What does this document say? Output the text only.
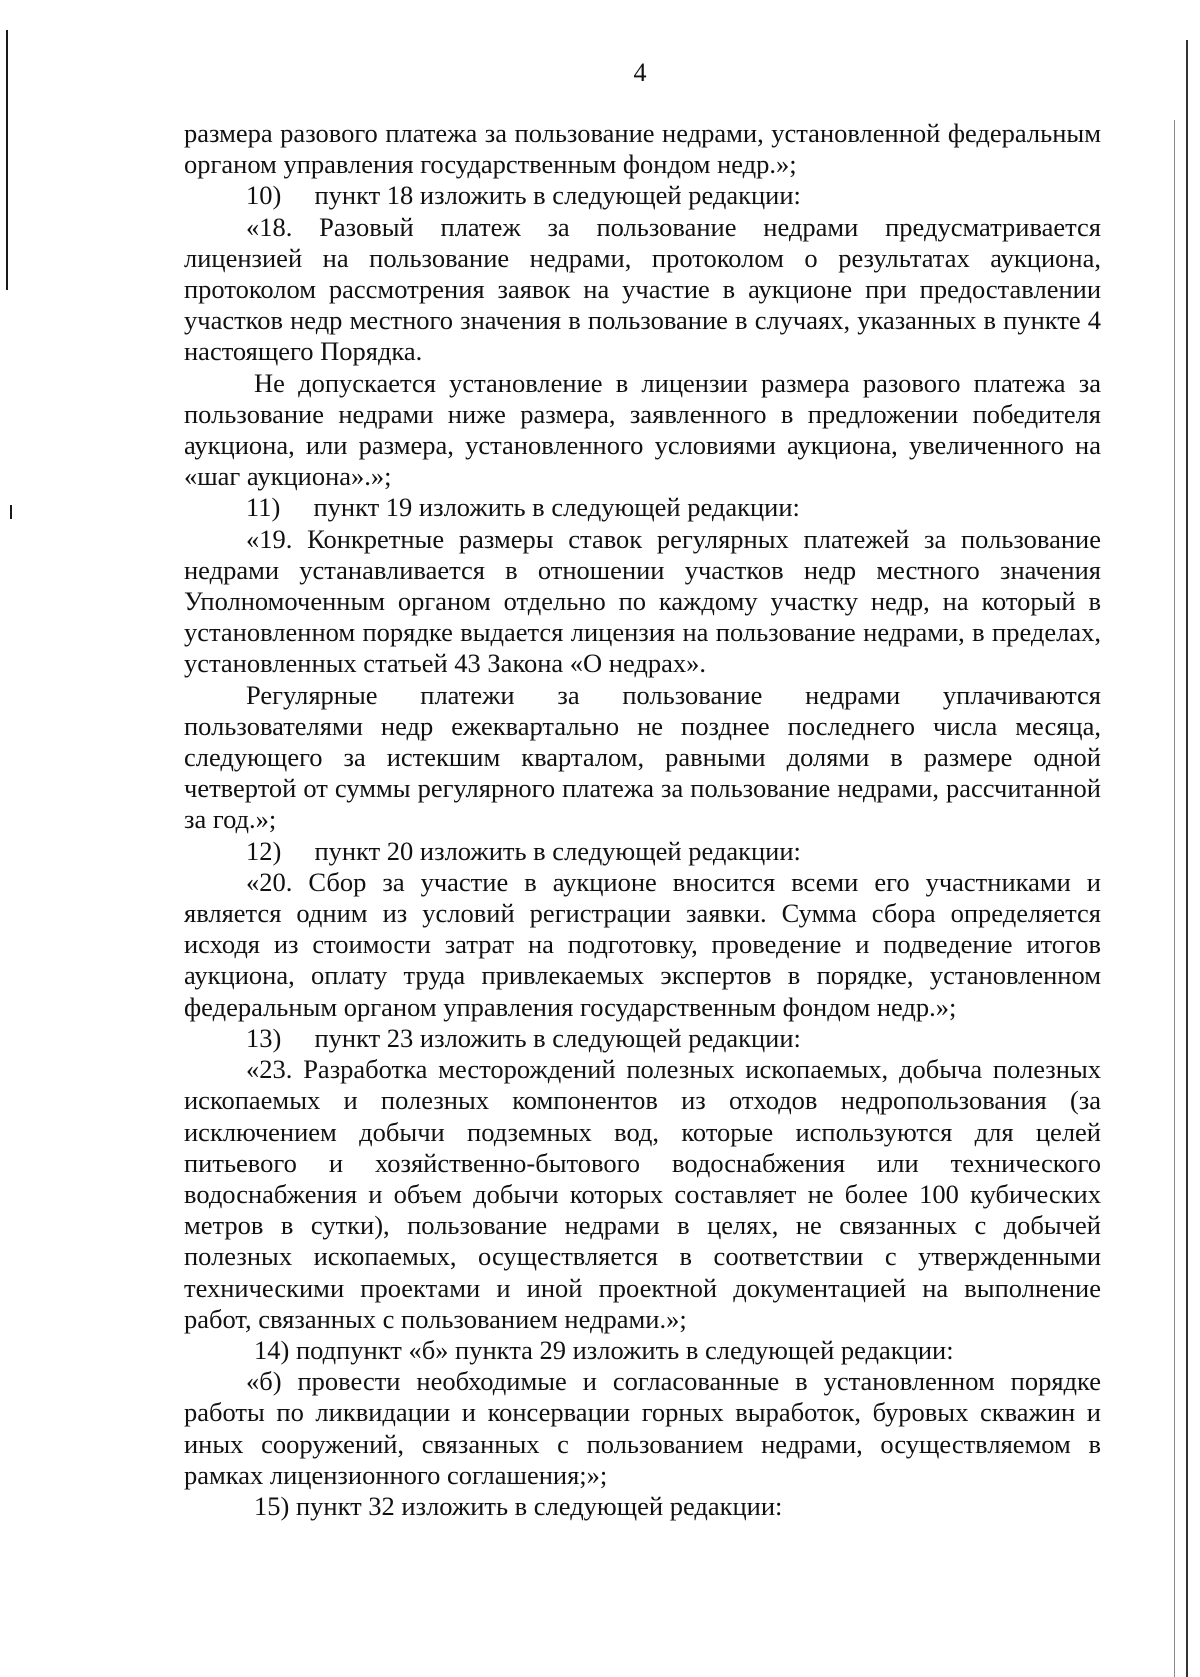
4

размера разового платежа за пользование недрами, установленной федеральным органом управления государственным фондом недр.»;

10)  пункт 18 изложить в следующей редакции:

«18. Разовый платеж за пользование недрами предусматривается лицензией на пользование недрами, протоколом о результатах аукциона, протоколом рассмотрения заявок на участие в аукционе при предоставлении участков недр местного значения в пользование в случаях, указанных в пункте 4 настоящего Порядка.

Не допускается установление в лицензии размера разового платежа за пользование недрами ниже размера, заявленного в предложении победителя аукциона, или размера, установленного условиями аукциона, увеличенного на «шаг аукциона».»;

11)  пункт 19 изложить в следующей редакции:

«19. Конкретные размеры ставок регулярных платежей за пользование недрами устанавливается в отношении участков недр местного значения Уполномоченным органом отдельно по каждому участку недр, на который в установленном порядке выдается лицензия на пользование недрами, в пределах, установленных статьей 43 Закона «О недрах».

Регулярные платежи за пользование недрами уплачиваются пользователями недр ежеквартально не позднее последнего числа месяца, следующего за истекшим кварталом, равными долями в размере одной четвертой от суммы регулярного платежа за пользование недрами, рассчитанной за год.»;

12)  пункт 20 изложить в следующей редакции:

«20. Сбор за участие в аукционе вносится всеми его участниками и является одним из условий регистрации заявки. Сумма сбора определяется исходя из стоимости затрат на подготовку, проведение и подведение итогов аукциона, оплату труда привлекаемых экспертов в порядке, установленном федеральным органом управления государственным фондом недр.»;

13)  пункт 23 изложить в следующей редакции:

«23. Разработка месторождений полезных ископаемых, добыча полезных ископаемых и полезных компонентов из отходов недропользования (за исключением добычи подземных вод, которые используются для целей питьевого и хозяйственно-бытового водоснабжения или технического водоснабжения и объем добычи которых составляет не более 100 кубических метров в сутки), пользование недрами в целях, не связанных с добычей полезных ископаемых, осуществляется в соответствии с утвержденными техническими проектами и иной проектной документацией на выполнение работ, связанных с пользованием недрами.»;

14) подпункт «б» пункта 29 изложить в следующей редакции:

«б) провести необходимые и согласованные в установленном порядке работы по ликвидации и консервации горных выработок, буровых скважин и иных сооружений, связанных с пользованием недрами, осуществляемом в рамках лицензионного соглашения;»;

15) пункт 32 изложить в следующей редакции:
